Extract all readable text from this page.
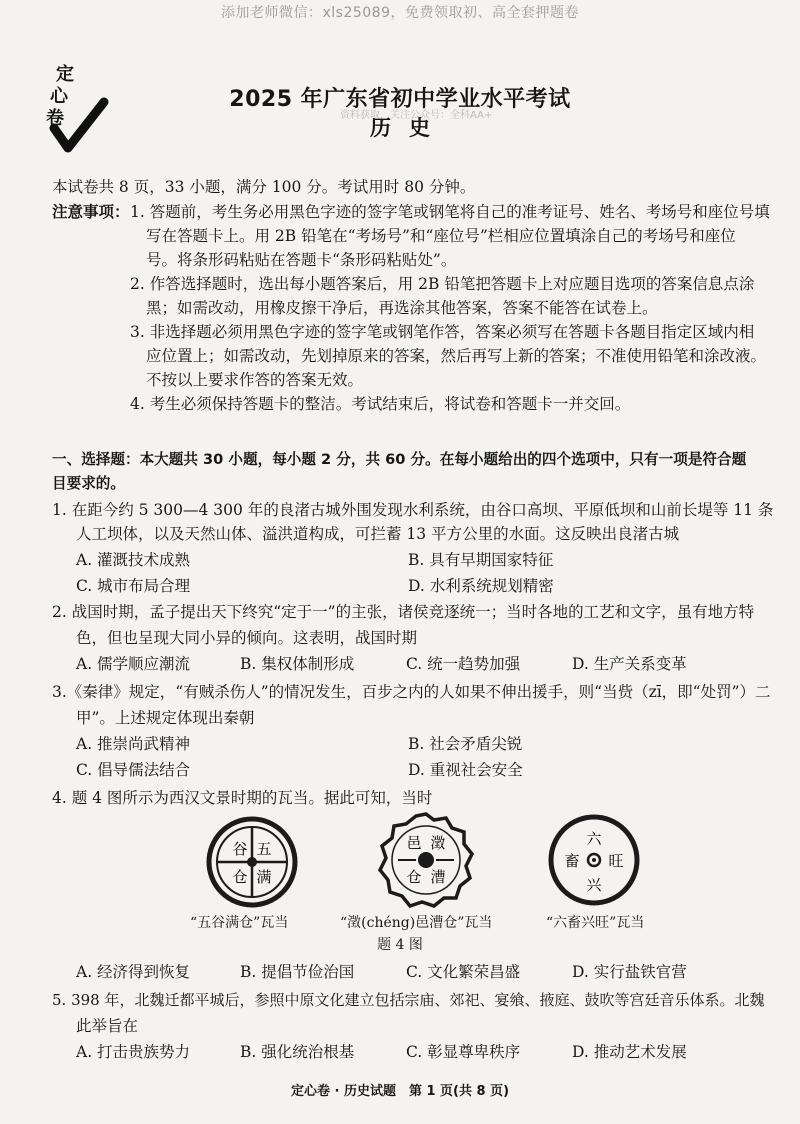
添加老师微信：xls25089，免费领取初、高全套押题卷
定
心
卷
2025 年广东省初中学业水平考试
资料获取，关注公众号：全科AA+
历史
本试卷共 8 页，33 小题，满分 100 分。考试用时 80 分钟。
注意事项： 1. 答题前，考生务必用黑色字迹的签字笔或钢笔将自己的准考证号、姓名、考场号和座位号填
写在答题卡上。用 2B 铅笔在“考场号”和“座位号”栏相应位置填涂自己的考场号和座位
号。将条形码粘贴在答题卡“条形码粘贴处”。
2. 作答选择题时，选出每小题答案后，用 2B 铅笔把答题卡上对应题目选项的答案信息点涂
黑；如需改动，用橡皮擦干净后，再选涂其他答案，答案不能答在试卷上。
3. 非选择题必须用黑色字迹的签字笔或钢笔作答，答案必须写在答题卡各题目指定区域内相
应位置上；如需改动，先划掉原来的答案，然后再写上新的答案；不准使用铅笔和涂改液。
不按以上要求作答的答案无效。
4. 考生必须保持答题卡的整洁。考试结束后，将试卷和答题卡一并交回。
一、选择题：本大题共 30 小题，每小题 2 分，共 60 分。在每小题给出的四个选项中，只有一项是符合题
目要求的。
1. 在距今约 5 300—4 300 年的良渚古城外围发现水利系统，由谷口高坝、平原低坝和山前长堤等 11 条
人工坝体，以及天然山体、溢洪道构成，可拦蓄 13 平方公里的水面。这反映出良渚古城
A. 灌溉技术成熟	B. 具有早期国家特征
C. 城市布局合理	D. 水利系统规划精密
2. 战国时期，孟子提出天下终究“定于一”的主张，诸侯竞逐统一；当时各地的工艺和文字，虽有地方特
色，但也呈现大同小异的倾向。这表明，战国时期
A. 儒学顺应潮流	B. 集权体制形成	C. 统一趋势加强	D. 生产关系变革
3.《秦律》规定，“有贼杀伤人”的情况发生，百步之内的人如果不伸出援手，则“当赀（zī，即“处罚”）二
甲”。上述规定体现出秦朝
A. 推崇尚武精神	B. 社会矛盾尖锐
C. 倡导儒法结合	D. 重视社会安全
4. 题 4 图所示为西汉文景时期的瓦当。据此可知，当时
五
谷
满
仓
澂
邑
漕
仓
六
畜
兴
旺
“五谷满仓”瓦当	“澂(chéng)邑漕仓”瓦当	“六畜兴旺”瓦当
题 4 图
A. 经济得到恢复	B. 提倡节俭治国	C. 文化繁荣昌盛	D. 实行盐铁官营
5. 398 年，北魏迁都平城后，参照中原文化建立包括宗庙、郊祀、宴飨、掖庭、鼓吹等宫廷音乐体系。北魏
此举旨在
A. 打击贵族势力	B. 强化统治根基	C. 彰显尊卑秩序	D. 推动艺术发展
定心卷 · 历史试题　第 1 页(共 8 页)
